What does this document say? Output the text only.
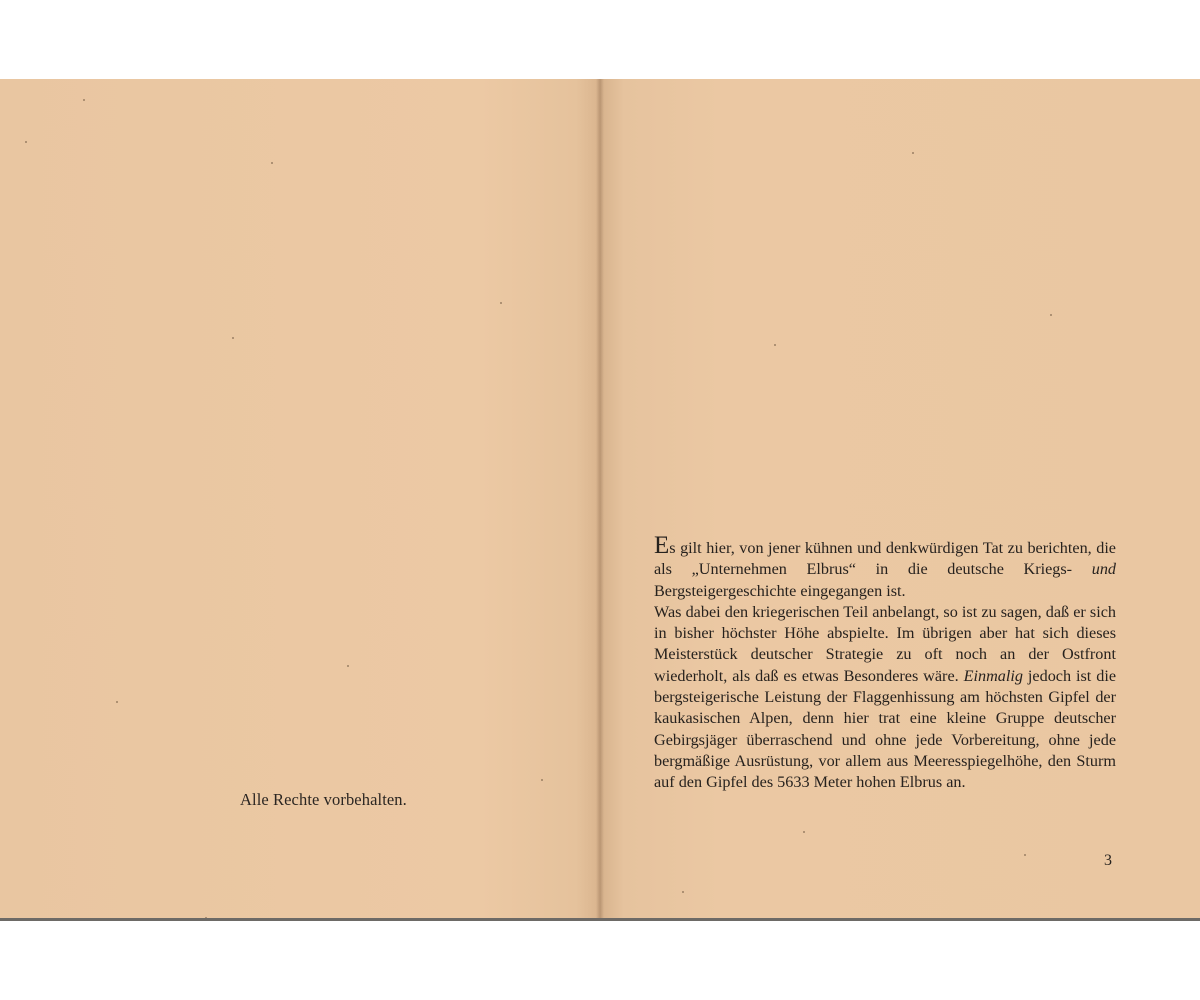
Alle Rechte vorbehalten.

Es gilt hier, von jener kühnen und denkwürdigen Tat zu berichten, die als „Unternehmen Elbrus“ in die deutsche Kriegs- und Bergsteigergeschichte eingegangen ist.

Was dabei den kriegerischen Teil anbelangt, so ist zu sagen, daß er sich in bisher höchster Höhe abspielte. Im übrigen aber hat sich dieses Meisterstück deutscher Strategie zu oft noch an der Ostfront wiederholt, als daß es etwas Besonderes wäre. Einmalig jedoch ist die bergsteigerische Leistung der Flaggenhissung am höchsten Gipfel der kaukasischen Alpen, denn hier trat eine kleine Gruppe deutscher Gebirgsjäger überraschend und ohne jede Vorbereitung, ohne jede bergmäßige Ausrüstung, vor allem aus Meeresspiegelhöhe, den Sturm auf den Gipfel des 5633 Meter hohen Elbrus an.

3
